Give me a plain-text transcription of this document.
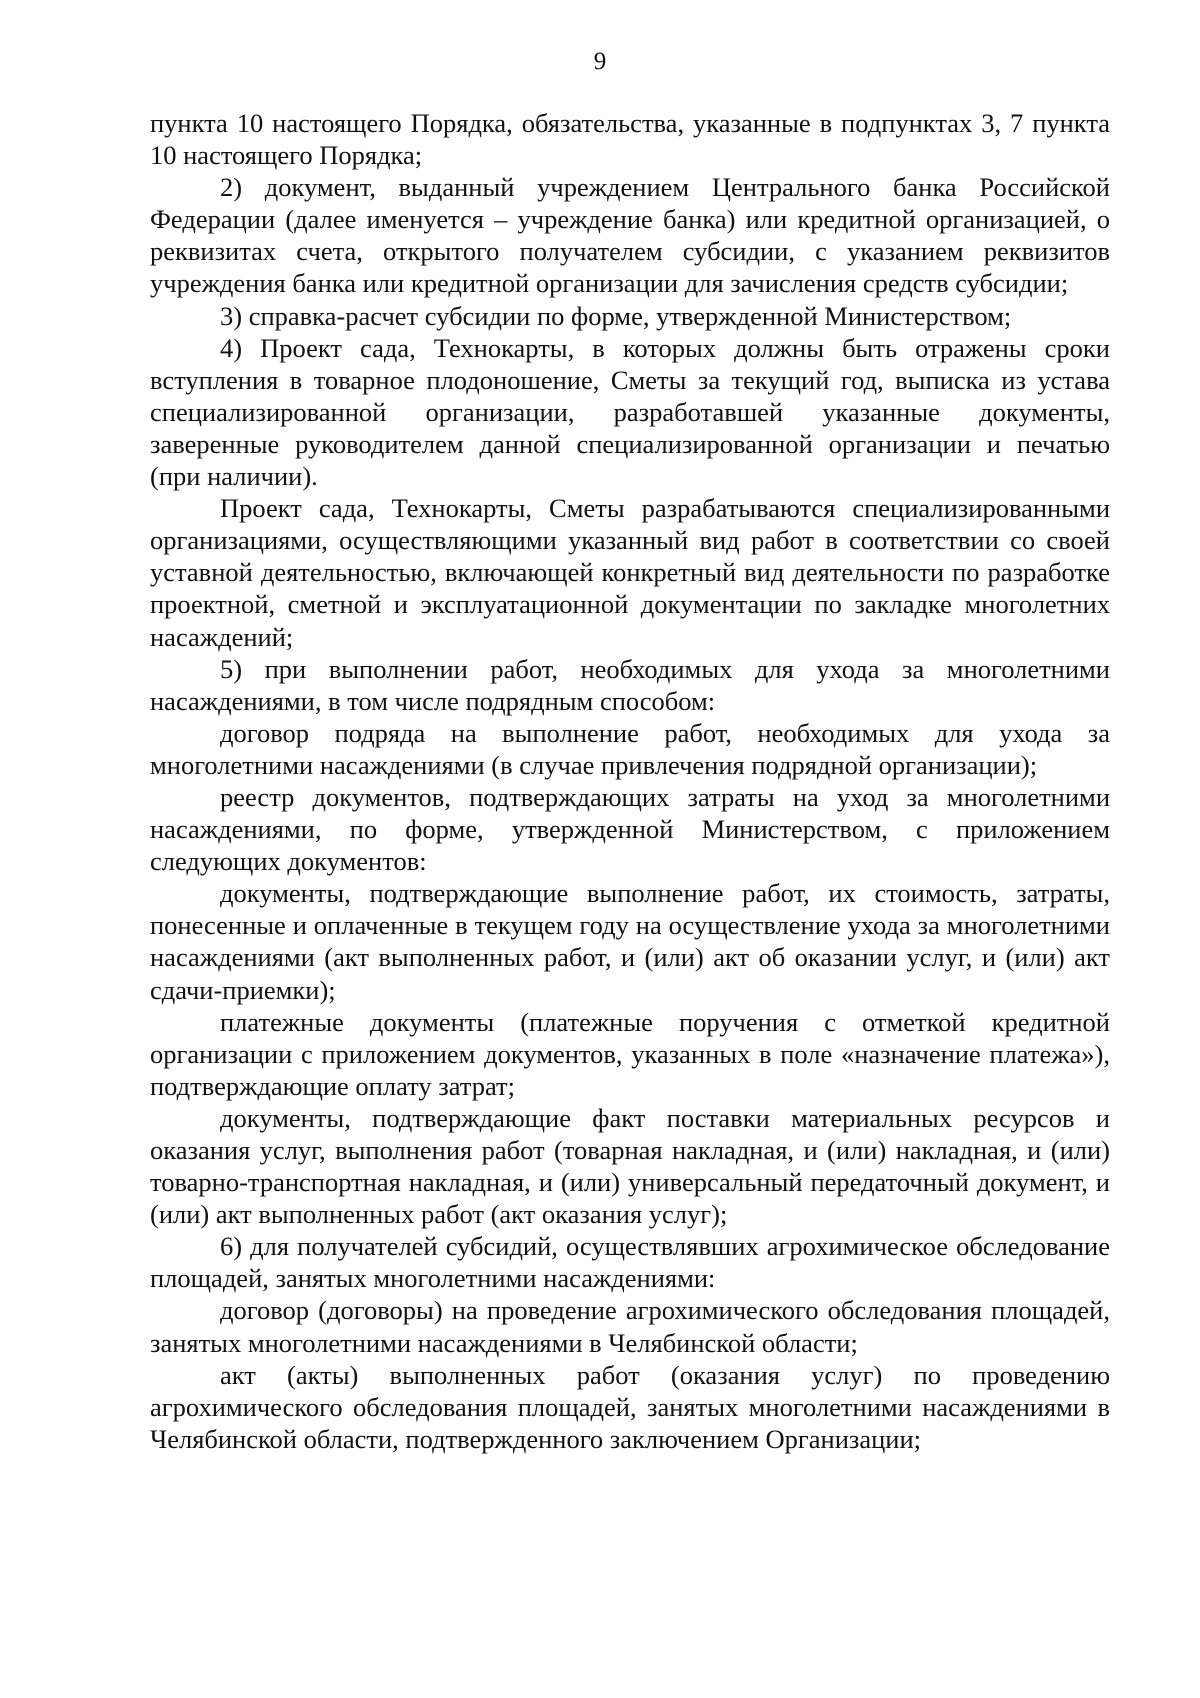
9

пункта 10 настоящего Порядка, обязательства, указанные в подпунктах 3, 7 пункта 10 настоящего Порядка;

2) документ, выданный учреждением Центрального банка Российской Федерации (далее именуется – учреждение банка) или кредитной организацией, о реквизитах счета, открытого получателем субсидии, с указанием реквизитов учреждения банка или кредитной организации для зачисления средств субсидии;

3) справка-расчет субсидии по форме, утвержденной Министерством;

4) Проект сада, Технокарты, в которых должны быть отражены сроки вступления в товарное плодоношение, Сметы за текущий год, выписка из устава специализированной организации, разработавшей указанные документы, заверенные руководителем данной специализированной организации и печатью (при наличии).

Проект сада, Технокарты, Сметы разрабатываются специализированными организациями, осуществляющими указанный вид работ в соответствии со своей уставной деятельностью, включающей конкретный вид деятельности по разработке проектной, сметной и эксплуатационной документации по закладке многолетних насаждений;

5) при выполнении работ, необходимых для ухода за многолетними насаждениями, в том числе подрядным способом:

договор подряда на выполнение работ, необходимых для ухода за многолетними насаждениями (в случае привлечения подрядной организации);

реестр документов, подтверждающих затраты на уход за многолетними насаждениями, по форме, утвержденной Министерством, с приложением следующих документов:

документы, подтверждающие выполнение работ, их стоимость, затраты, понесенные и оплаченные в текущем году на осуществление ухода за многолетними насаждениями (акт выполненных работ, и (или) акт об оказании услуг, и (или) акт сдачи-приемки);

платежные документы (платежные поручения с отметкой кредитной организации с приложением документов, указанных в поле «назначение платежа»), подтверждающие оплату затрат;

документы, подтверждающие факт поставки материальных ресурсов и оказания услуг, выполнения работ (товарная накладная, и (или) накладная, и (или) товарно-транспортная накладная, и (или) универсальный передаточный документ, и (или) акт выполненных работ (акт оказания услуг);

6) для получателей субсидий, осуществлявших агрохимическое обследование площадей, занятых многолетними насаждениями:

договор (договоры) на проведение агрохимического обследования площадей, занятых многолетними насаждениями в Челябинской области;

акт (акты) выполненных работ (оказания услуг) по проведению агрохимического обследования площадей, занятых многолетними насаждениями в Челябинской области, подтвержденного заключением Организации;
